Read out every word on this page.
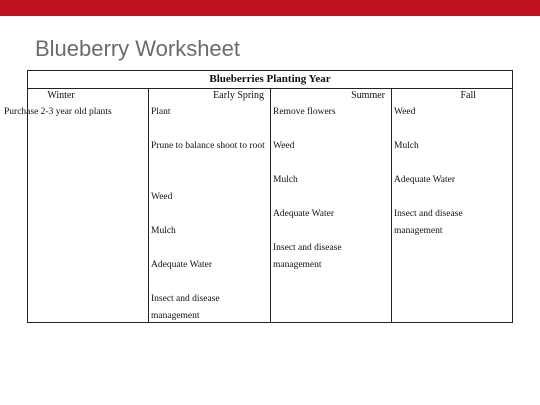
Blueberry Worksheet
Blueberries Planting Year
Winter
Purchase 2-3 year old plants
Early Spring
Plant
Prune to balance shoot to root
Weed
Mulch
Adequate Water
Insect and disease management
Summer
Remove flowers
Weed
Mulch
Adequate Water
Insect and disease management
Fall
Weed
Mulch
Adequate Water
Insect and disease management
